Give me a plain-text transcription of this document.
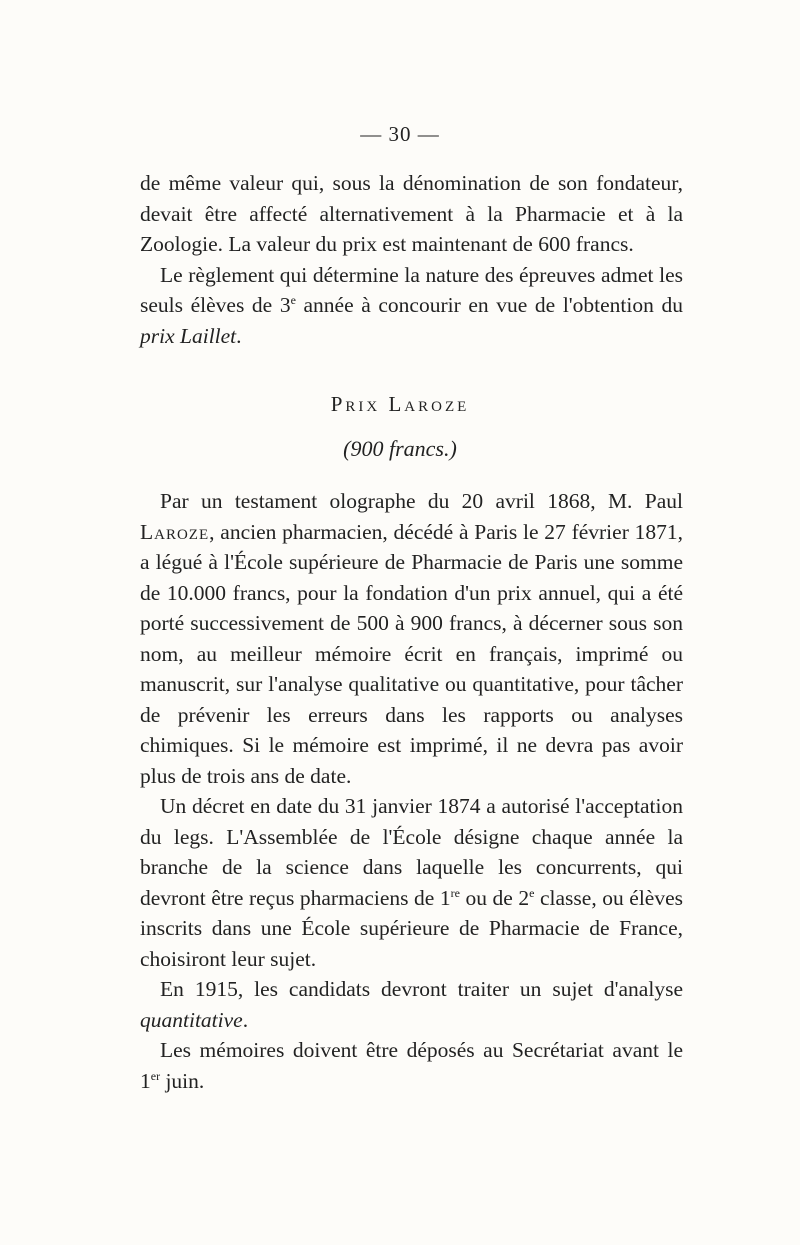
— 30 —

de même valeur qui, sous la dénomination de son fondateur, devait être affecté alternativement à la Pharmacie et à la Zoologie. La valeur du prix est maintenant de 600 francs.

Le règlement qui détermine la nature des épreuves admet les seuls élèves de 3e année à concourir en vue de l'obtention du prix Laillet.

Prix Laroze
(900 francs.)

Par un testament olographe du 20 avril 1868, M. Paul Laroze, ancien pharmacien, décédé à Paris le 27 février 1871, a légué à l'École supérieure de Pharmacie de Paris une somme de 10.000 francs, pour la fondation d'un prix annuel, qui a été porté successivement de 500 à 900 francs, à décerner sous son nom, au meilleur mémoire écrit en français, imprimé ou manuscrit, sur l'analyse qualitative ou quantitative, pour tâcher de prévenir les erreurs dans les rapports ou analyses chimiques. Si le mémoire est imprimé, il ne devra pas avoir plus de trois ans de date.

Un décret en date du 31 janvier 1874 a autorisé l'acceptation du legs. L'Assemblée de l'École désigne chaque année la branche de la science dans laquelle les concurrents, qui devront être reçus pharmaciens de 1re ou de 2e classe, ou élèves inscrits dans une École supérieure de Pharmacie de France, choisiront leur sujet.

En 1915, les candidats devront traiter un sujet d'analyse quantitative.

Les mémoires doivent être déposés au Secrétariat avant le 1er juin.
